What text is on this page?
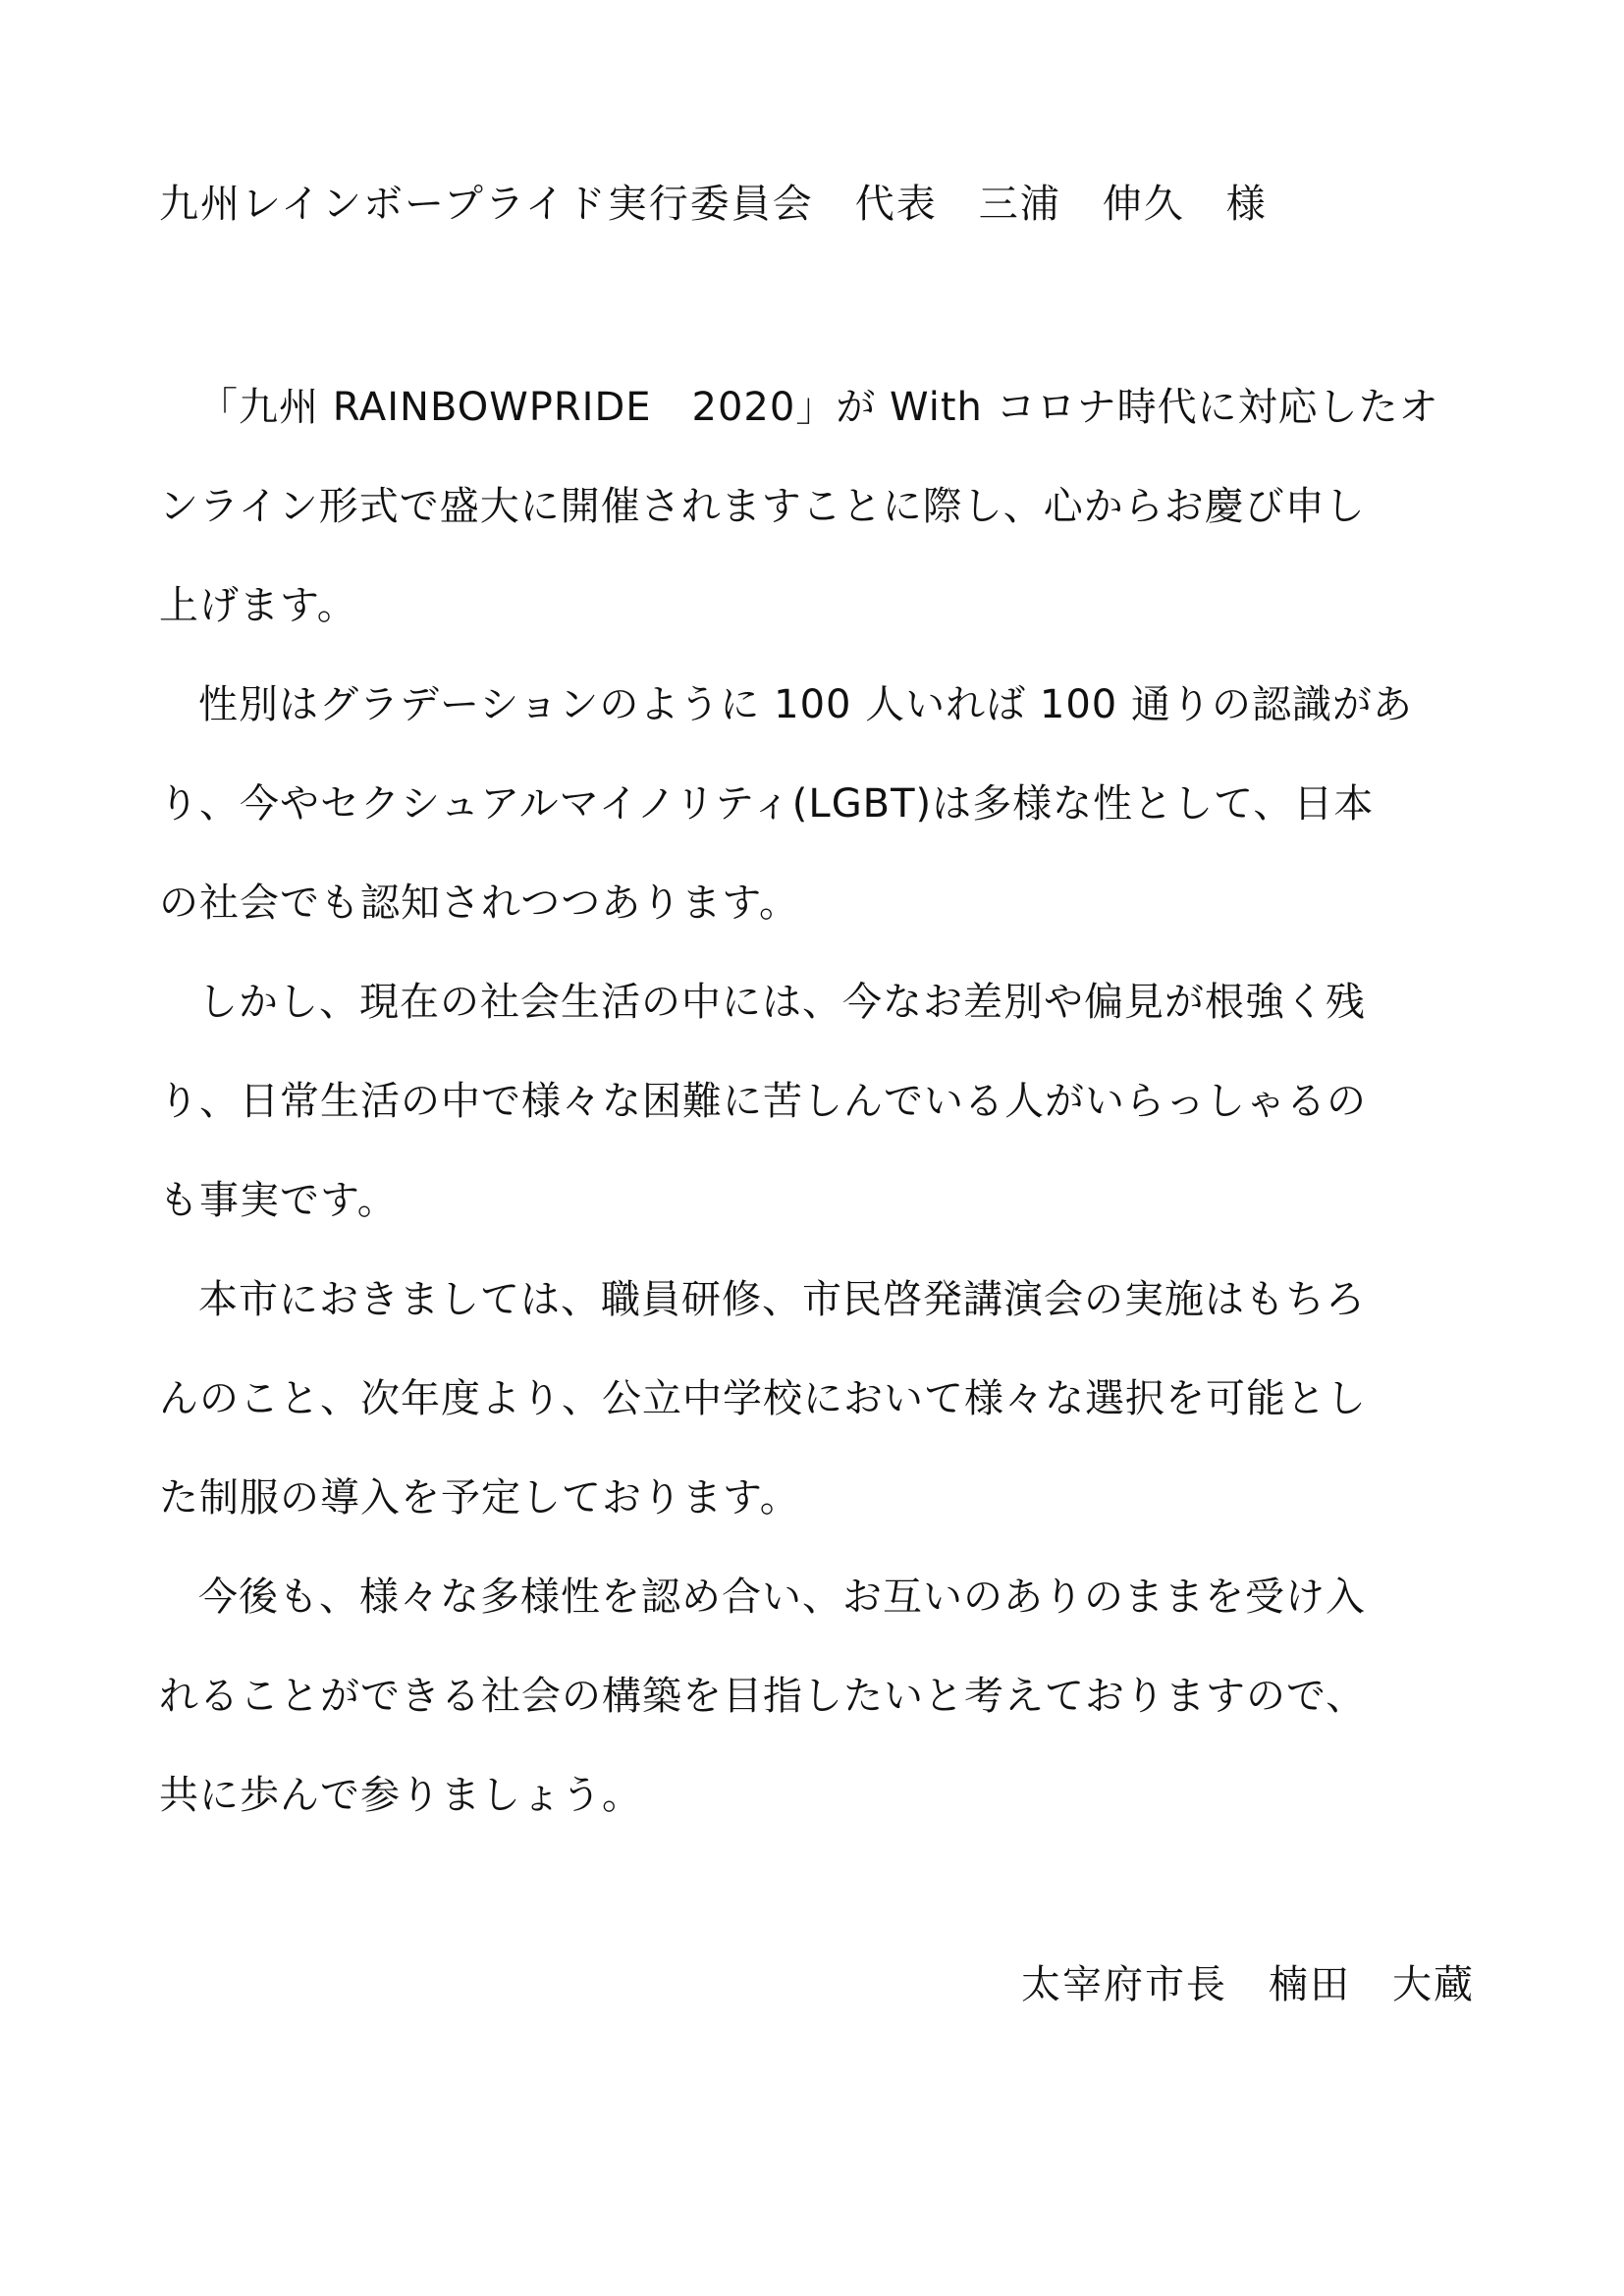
九州レインボープライド実行委員会　代表　三浦　伸久　様

「九州 RAINBOWPRIDE　2020」が With コロナ時代に対応したオ

ンライン形式で盛大に開催されますことに際し、心からお慶び申し

上げます。

性別はグラデーションのように 100 人いれば 100 通りの認識があ

り、今やセクシュアルマイノリティ(LGBT)は多様な性として、日本

の社会でも認知されつつあります。

しかし、現在の社会生活の中には、今なお差別や偏見が根強く残

り、日常生活の中で様々な困難に苦しんでいる人がいらっしゃるの

も事実です。

本市におきましては、職員研修、市民啓発講演会の実施はもちろ

んのこと、次年度より、公立中学校において様々な選択を可能とし

た制服の導入を予定しております。

今後も、様々な多様性を認め合い、お互いのありのままを受け入

れることができる社会の構築を目指したいと考えておりますので、

共に歩んで参りましょう。

太宰府市長　楠田　大蔵
